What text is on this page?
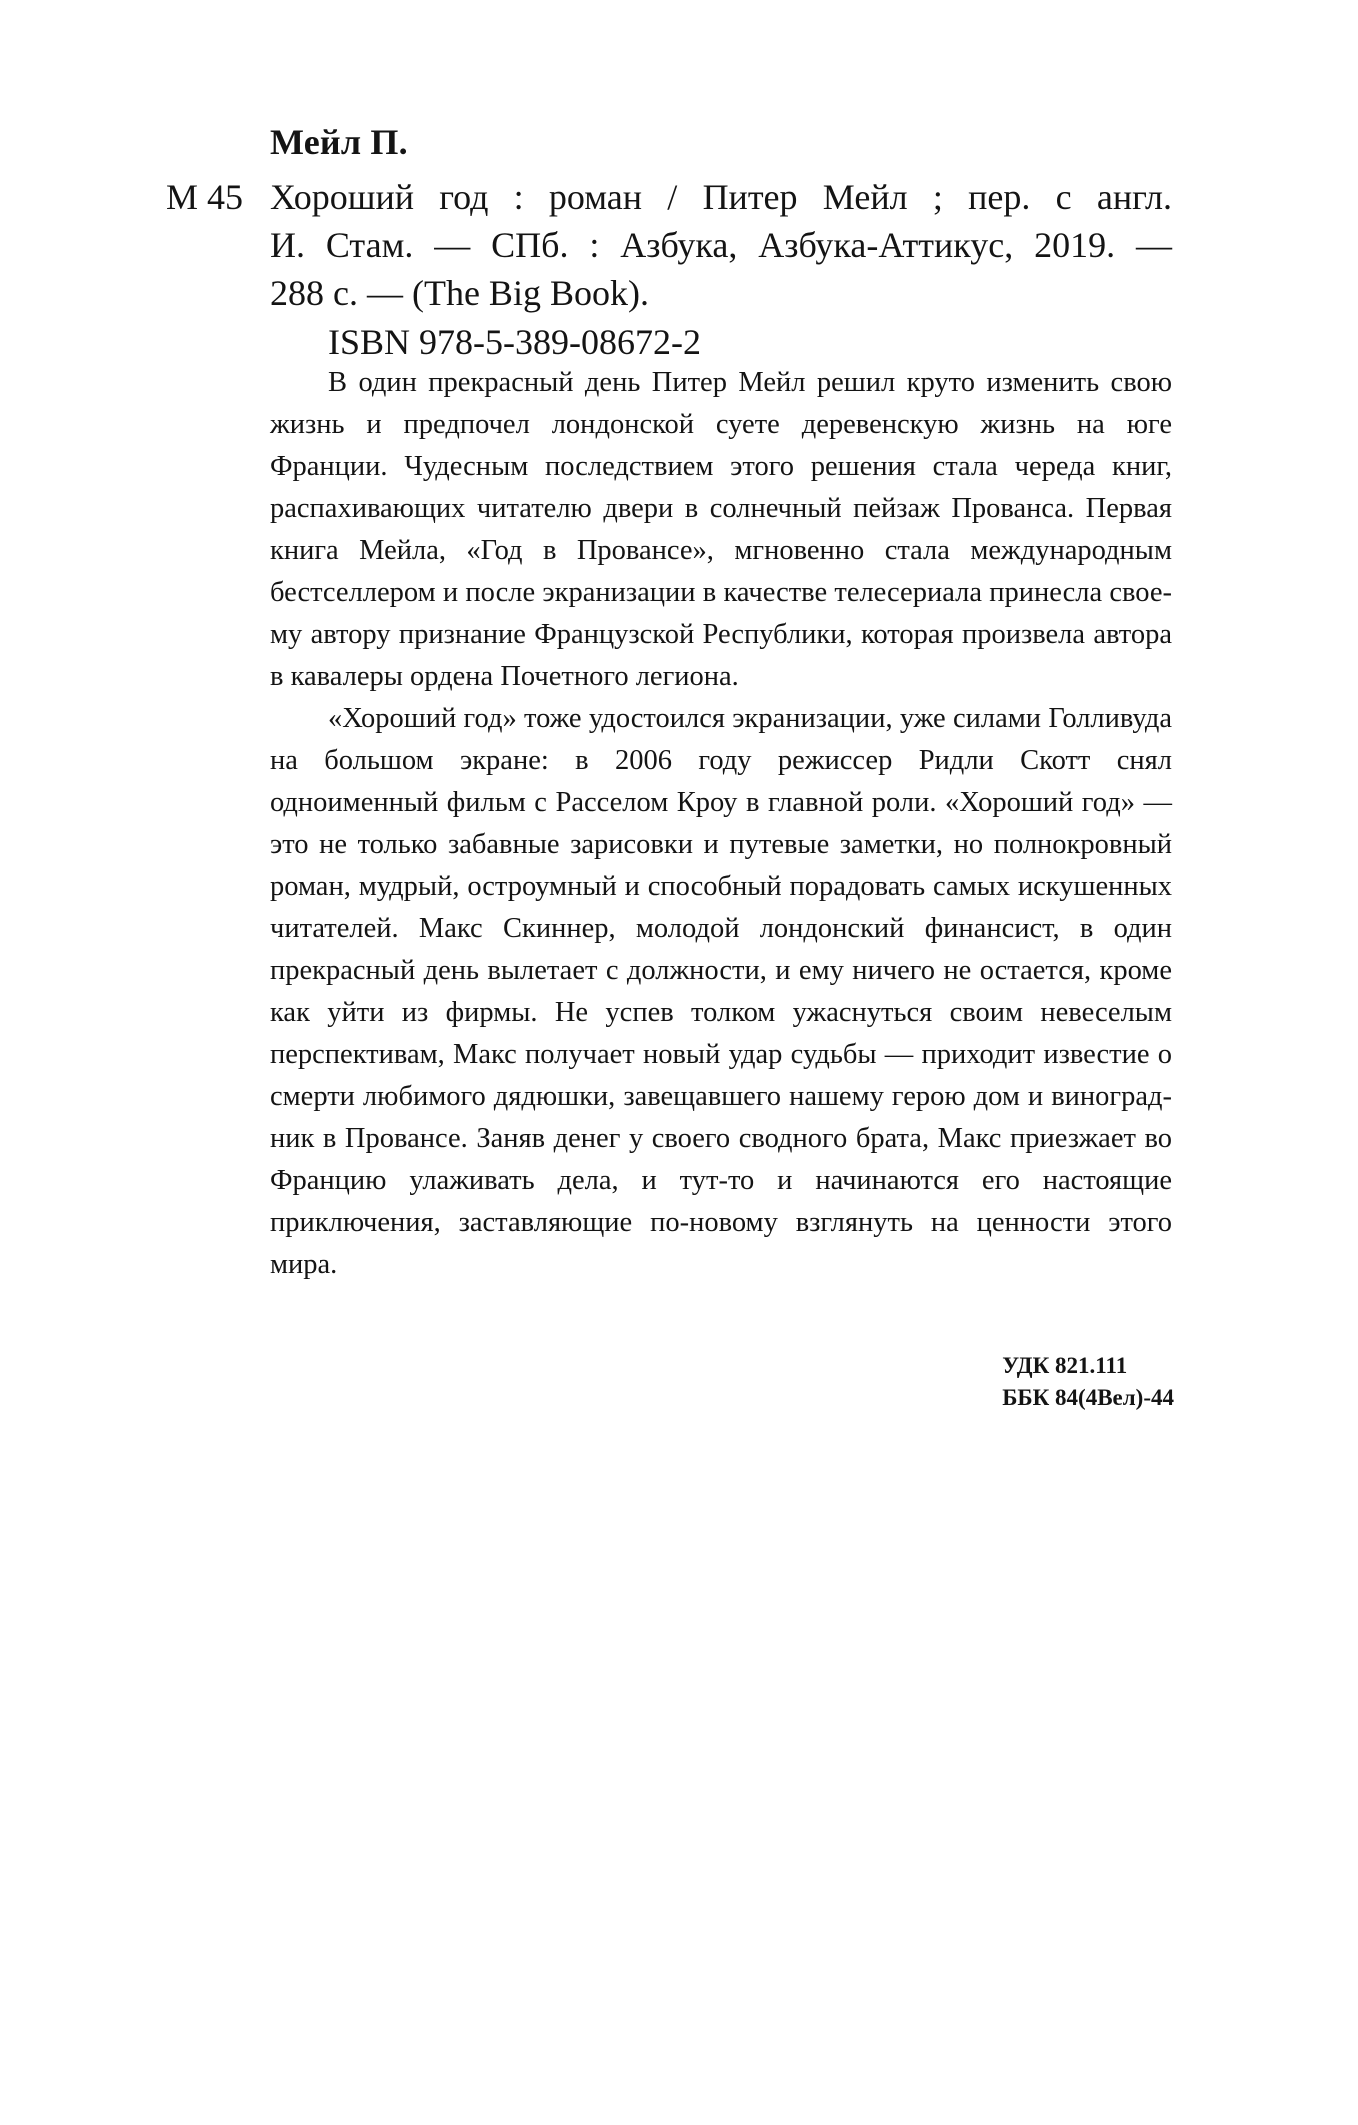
Мейл П.
М 45 Хороший год : роман / Питер Мейл ; пер. с англ.
И. Стам. — СПб. : Азбука, Азбука-Аттикус, 2019. —
288 с. — (The Big Book).
ISBN 978-5-389-08672-2

В один прекрасный день Питер Мейл решил круто изменить свою жизнь и предпочел лондонской суете деревенскую жизнь на юге Франции. Чудесным последствием этого решения стала череда книг, распахивающих читателю двери в солнечный пейзаж Прованса. Первая книга Мейла, «Год в Провансе», мгновенно стала международным бестселлером и после экранизации в качестве телесериала принесла своему автору признание Французской Республики, которая произвела автора в кавалеры ордена Почетного легиона.

«Хороший год» тоже удостоился экранизации, уже силами Голливуда на большом экране: в 2006 году режиссер Ридли Скотт снял одноименный фильм с Расселом Кроу в главной роли. «Хороший год» — это не только забавные зарисовки и путевые заметки, но полнокровный роман, мудрый, остроумный и способный порадовать самых искушенных читателей. Макс Скиннер, молодой лондонский финансист, в один прекрасный день вылетает с должности, и ему ничего не остается, кроме как уйти из фирмы. Не успев толком ужаснуться своим невеселым перспективам, Макс получает новый удар судьбы — приходит известие о смерти любимого дядюшки, завещавшего нашему герою дом и виноградник в Провансе. Заняв денег у своего сводного брата, Макс приезжает во Францию улаживать дела, и тут-то и начинаются его настоящие приключения, заставляющие по-новому взглянуть на ценности этого мира.

УДК 821.111
ББК 84(4Вел)-44
